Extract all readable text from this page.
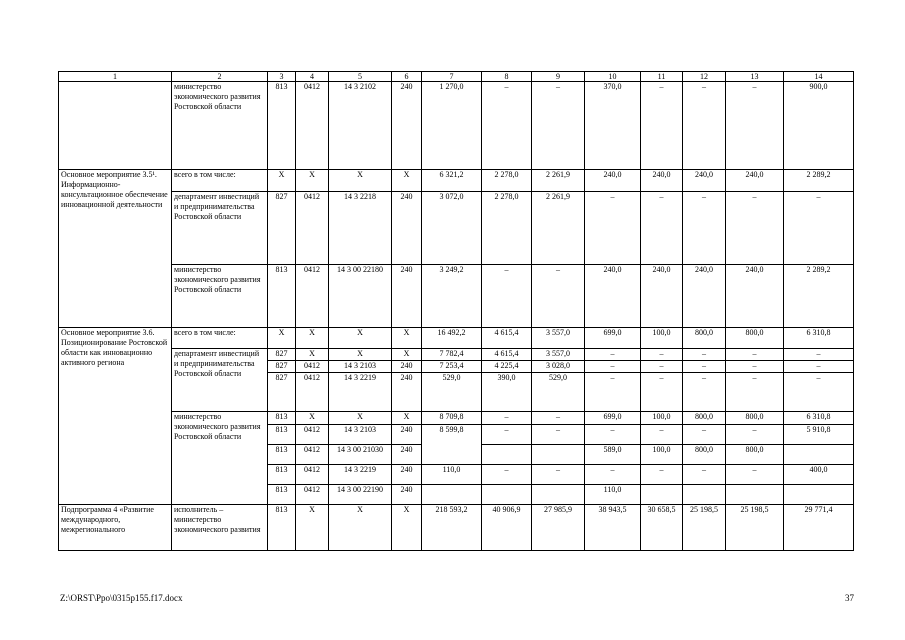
1	2	3	4	5	6	7	8	9	10	11	12	13	14
	министерство экономического развития Ростовской области	813	0412	14 3 2102	240	1 270,0	–	–	370,0	–	–	–	900,0
Основное мероприятие 3.5¹. Информационно-консультационное обеспечение инновационной деятельности	всего в том числе:	Х	Х	Х	Х	6 321,2	2 278,0	2 261,9	240,0	240,0	240,0	240,0	2 289,2
	департамент инвестиций и предпринимательства Ростовской области	827	0412	14 3 2218	240	3 072,0	2 278,0	2 261,9	–	–	–	–	–
	министерство экономического развития Ростовской области	813	0412	14 3 00 22180	240	3 249,2	–	–	240,0	240,0	240,0	240,0	2 289,2
Основное мероприятие 3.6. Позиционирование Ростовской области как инновационно активного региона	всего в том числе:	Х	Х	Х	Х	16 492,2	4 615,4	3 557,0	699,0	100,0	800,0	800,0	6 310,8
	департамент инвестиций и предпринимательства Ростовской области	827	Х	Х	Х	7 782,4	4 615,4	3 557,0	–	–	–	–	–
		827	0412	14 3 2103	240	7 253,4	4 225,4	3 028,0	–	–	–	–	–
		827	0412	14 3 2219	240	529,0	390,0	529,0	–	–	–	–	–
	министерство экономического развития Ростовской области	813	Х	Х	Х	8 709,8	–	–	699,0	100,0	800,0	800,0	6 310,8
		813	0412	14 3 2103	240	8 599,8	–	–	–	–	–	–	5 910,8
		813	0412	14 3 00 21030	240				589,0	100,0	800,0	800,0	
		813	0412	14 3 2219	240	110,0	–	–	–	–	–	–	400,0
		813	0412	14 3 00 22190	240				110,0				
Подпрограмма 4 «Развитие международного, межрегионального	исполнитель – министерство экономического развития	813	Х	Х	Х	218 593,2	40 906,9	27 985,9	38 943,5	30 658,5	25 198,5	25 198,5	29 771,4
Z:\ORST\Ppo\0315p155.f17.docx	37
